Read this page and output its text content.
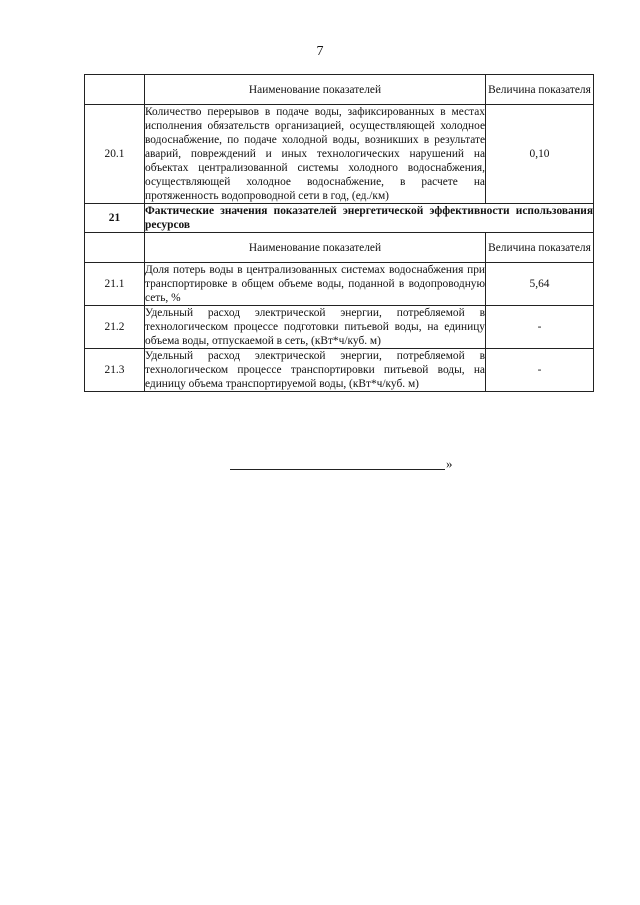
7
	Наименование показателей	Величина показателя
20.1	Количество перерывов в подаче воды, зафиксированных в местах исполнения обязательств организацией, осуществляющей холодное водоснабжение, по подаче холодной воды, возникших в результате аварий, повреждений и иных технологических нарушений на объектах централизованной системы холодного водоснабжения, осуществляющей холодное водоснабжение, в расчете на протяженность водопроводной сети в год, (ед./км)	0,10
21	Фактические значения показателей энергетической эффективности использования ресурсов	
	Наименование показателей	Величина показателя
21.1	Доля потерь воды в централизованных системах водоснабжения при транспортировке в общем объеме воды, поданной в водопроводную сеть, %	5,64
21.2	Удельный расход электрической энергии, потребляемой в технологическом процессе подготовки питьевой воды, на единицу объема воды, отпускаемой в сеть, (кВт*ч/куб. м)	-
21.3	Удельный расход электрической энергии, потребляемой в технологическом процессе транспортировки питьевой воды, на единицу объема транспортируемой воды, (кВт*ч/куб. м)	-
»
